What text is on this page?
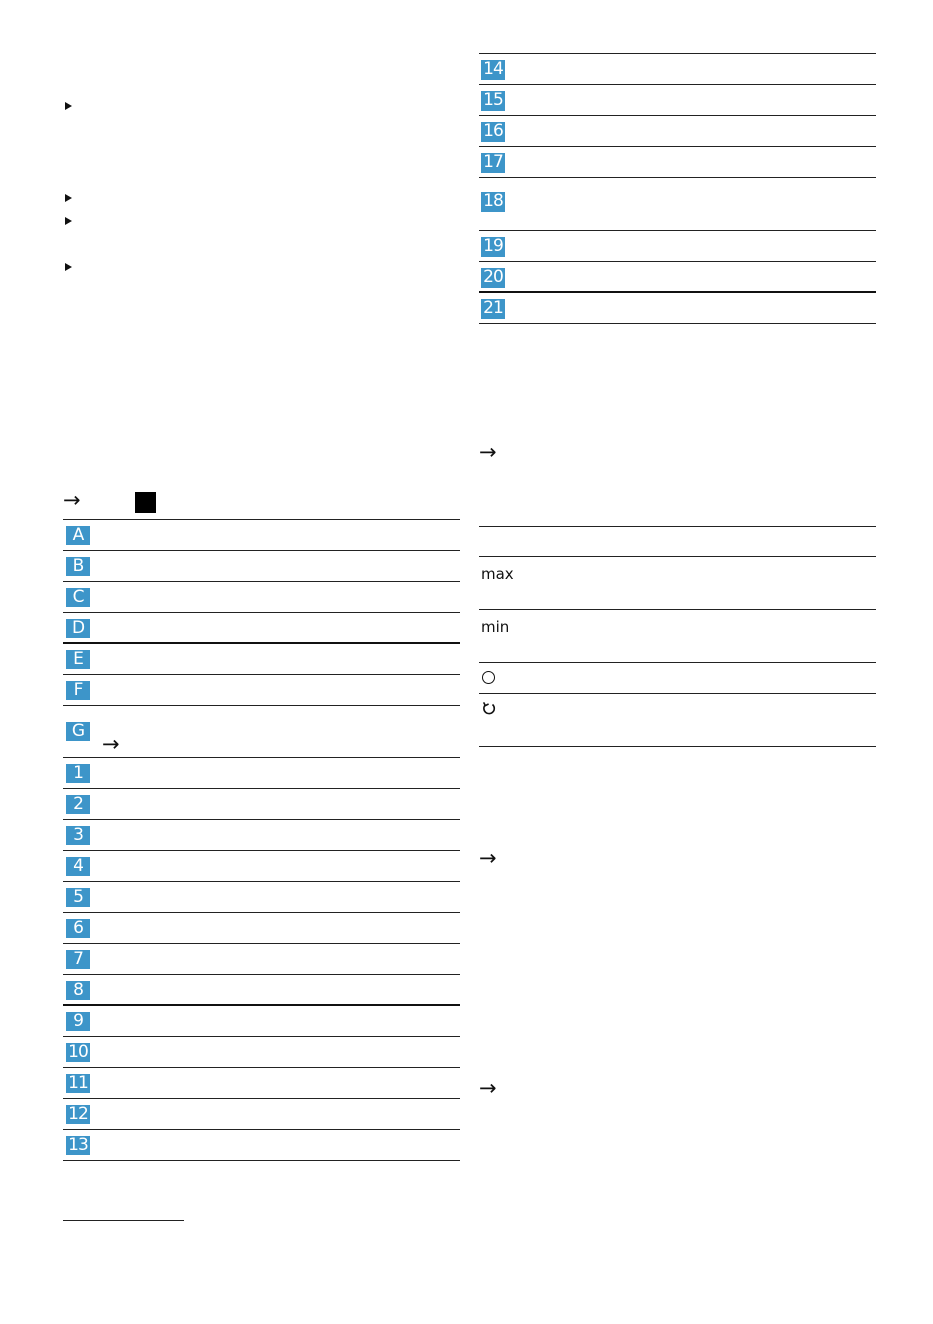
→
A
B
C
D
E
F
G
→
1
2
3
4
5
6
7
8
9
10
11
12
13
14
15
16
17
18
19
20
21
→
max
min
→
→
